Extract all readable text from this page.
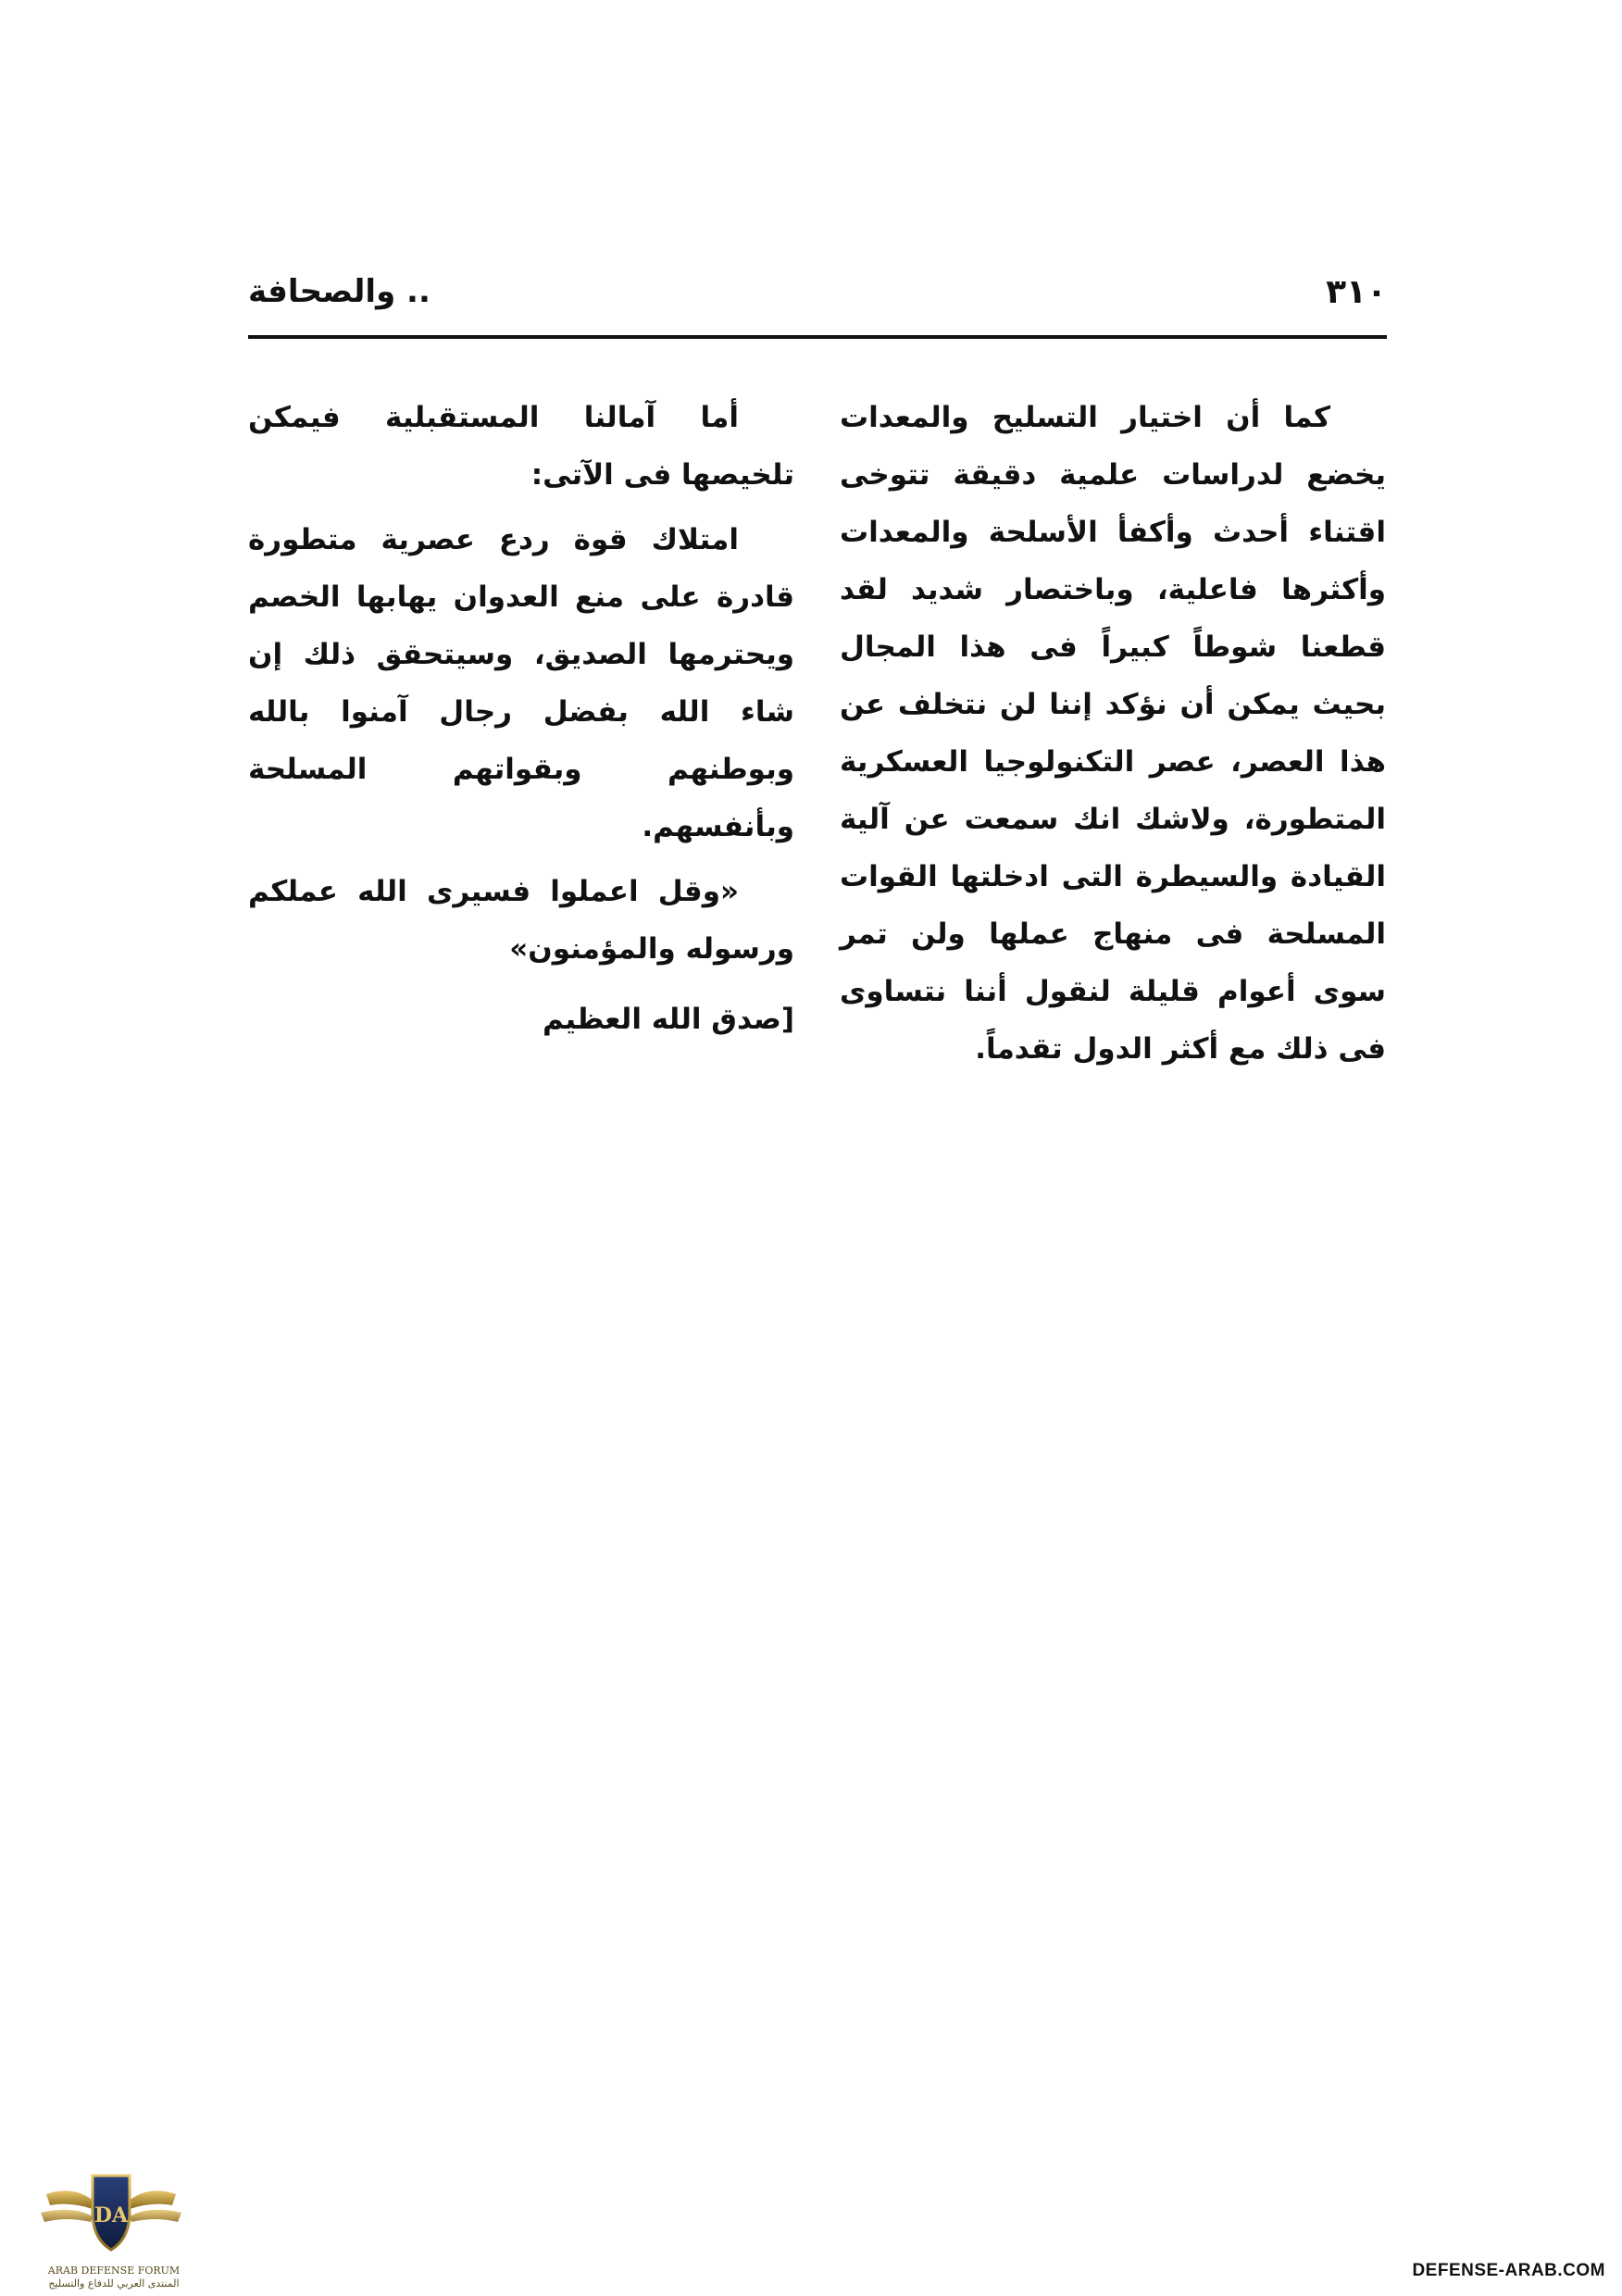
٣١٠
.. والصحافة

كما أن اختيار التسليح والمعدات يخضع لدراسات علمية دقيقة تتوخى اقتناء أحدث وأكفأ الأسلحة والمعدات وأكثرها فاعلية، وباختصار شديد لقد قطعنا شوطاً كبيراً فى هذا المجال بحيث يمكن أن نؤكد إننا لن نتخلف عن هذا العصر، عصر التكنولوجيا العسكرية المتطورة، ولاشك انك سمعت عن آلية القيادة والسيطرة التى ادخلتها القوات المسلحة فى منهاج عملها ولن تمر سوى أعوام قليلة لنقول أننا نتساوى فى ذلك مع أكثر الدول تقدماً.

أما آمالنا المستقبلية فيمكن تلخيصها فى الآتى:

امتلاك قوة ردع عصرية متطورة قادرة على منع العدوان يهابها الخصم ويحترمها الصديق، وسيتحقق ذلك إن شاء الله بفضل رجال آمنوا بالله وبوطنهم وبقواتهم المسلحة وبأنفسهم.

«وقل اعملوا فسيرى الله عملكم ورسوله والمؤمنون»

[صدق الله العظيم

DA
ARAB DEFENSE FORUM
المنتدى العربي للدفاع والتسليح
DEFENSE-ARAB.COM
